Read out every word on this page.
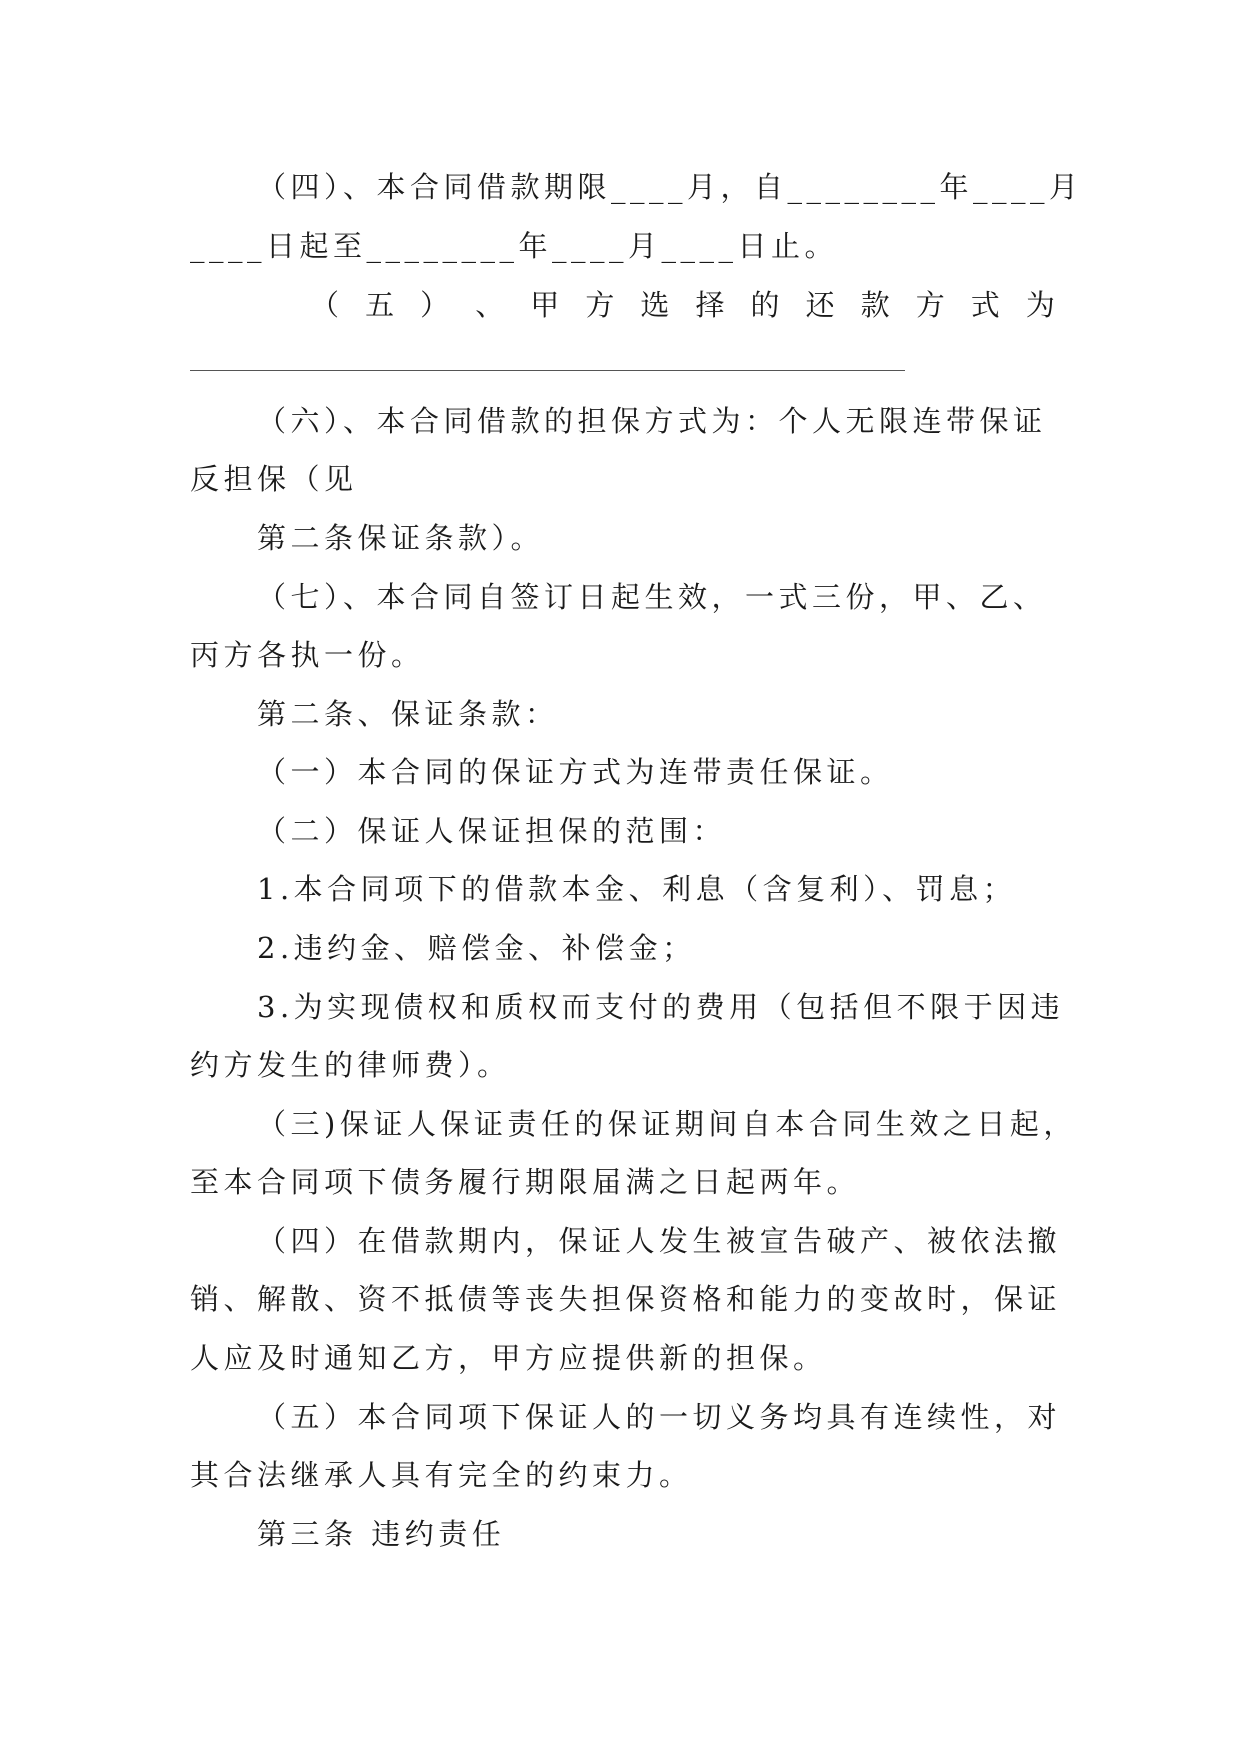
（四）、本合同借款期限____月，自________年____月
____日起至________年____月____日止。
（ 五 ） 、 甲 方 选 择 的 还 款 方 式 为
（六）、本合同借款的担保方式为：个人无限连带保证
反担保（见
第二条保证条款）。
（七）、本合同自签订日起生效，一式三份，甲、乙、
丙方各执一份。
第二条、保证条款：
（一）本合同的保证方式为连带责任保证。
（二）保证人保证担保的范围：
1.本合同项下的借款本金、利息（含复利）、罚息；
2.违约金、赔偿金、补偿金；
3.为实现债权和质权而支付的费用（包括但不限于因违
约方发生的律师费）。
（三)保证人保证责任的保证期间自本合同生效之日起，
至本合同项下债务履行期限届满之日起两年。
（四）在借款期内，保证人发生被宣告破产、被依法撤
销、解散、资不抵债等丧失担保资格和能力的变故时，保证
人应及时通知乙方，甲方应提供新的担保。
（五）本合同项下保证人的一切义务均具有连续性，对
其合法继承人具有完全的约束力。
第三条 违约责任
